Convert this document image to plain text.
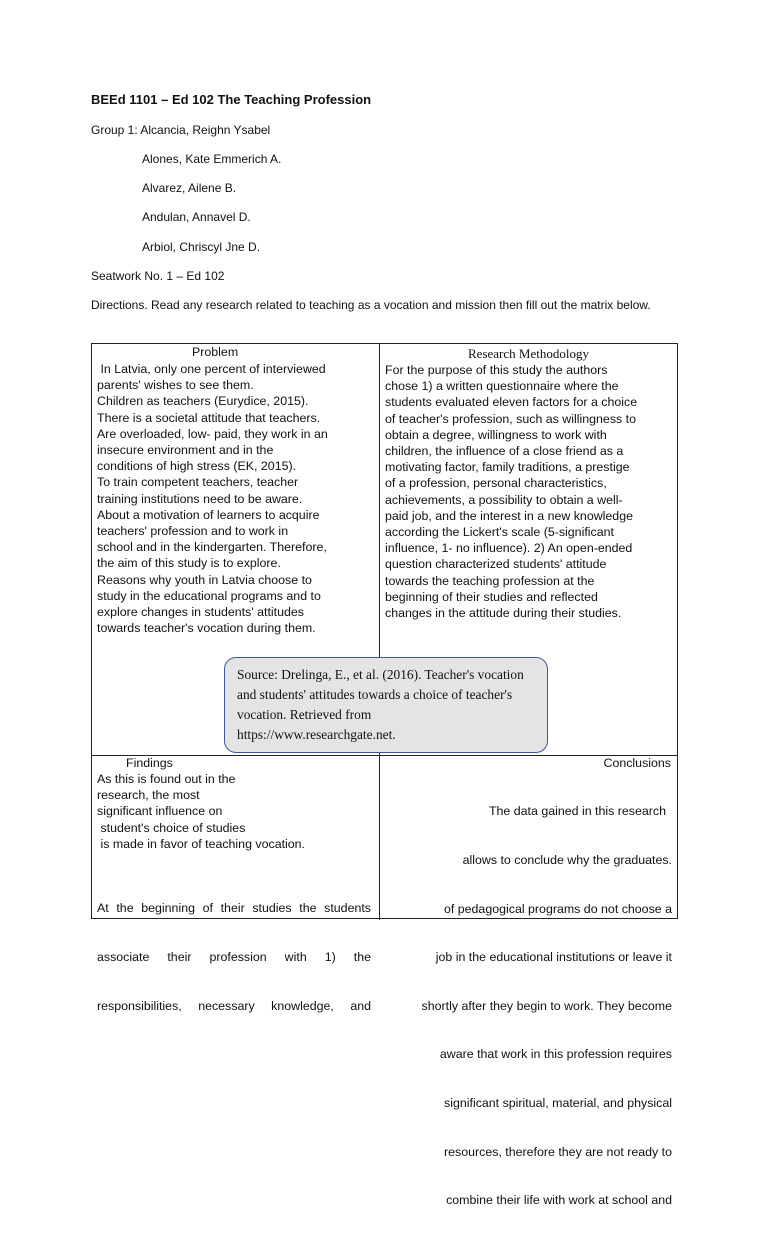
BEEd 1101 – Ed 102 The Teaching Profession
Group 1: Alcancia, Reighn Ysabel
Alones, Kate Emmerich A.
Alvarez, Ailene B.
Andulan, Annavel D.
Arbiol, Chriscyl Jne D.
Seatwork No. 1 – Ed 102
Directions. Read any research related to teaching as a vocation and mission then fill out the matrix below.
Problem
In Latvia, only one percent of interviewed
parents' wishes to see them.
Children as teachers (Eurydice, 2015).
There is a societal attitude that teachers.
Are overloaded, low- paid, they work in an
insecure environment and in the
conditions of high stress (EK, 2015).
To train competent teachers, teacher
training institutions need to be aware.
About a motivation of learners to acquire
teachers' profession and to work in
school and in the kindergarten. Therefore,
the aim of this study is to explore.
Reasons why youth in Latvia choose to
study in the educational programs and to
explore changes in students' attitudes
towards teacher's vocation during them.
Research Methodology
For the purpose of this study the authors
chose 1) a written questionnaire where the
students evaluated eleven factors for a choice
of teacher's profession, such as willingness to
obtain a degree, willingness to work with
children, the influence of a close friend as a
motivating factor, family traditions, a prestige
of a profession, personal characteristics,
achievements, a possibility to obtain a well-
paid job, and the interest in a new knowledge
according the Lickert's scale (5-significant
influence, 1- no influence). 2) An open-ended
question characterized students' attitude
towards the teaching profession at the
beginning of their studies and reflected
changes in the attitude during their studies.
Findings
As this is found out in the
research, the most
significant influence on
student's choice of studies
is made in favor of teaching vocation.

At the beginning of their studies the students

associate their profession with 1) the

responsibilities, necessary knowledge, and

Conclusions

The data gained in this research

allows to conclude why the graduates.

of pedagogical programs do not choose a

job in the educational institutions or leave it

shortly after they begin to work. They become

aware that work in this profession requires

significant spiritual, material, and physical

resources, therefore they are not ready to

combine their life with work at school and

Source: Drelinga, E., et al. (2016). Teacher's vocation
and students' attitudes towards a choice of teacher's
vocation. Retrieved from
https://www.researchgate.net.
